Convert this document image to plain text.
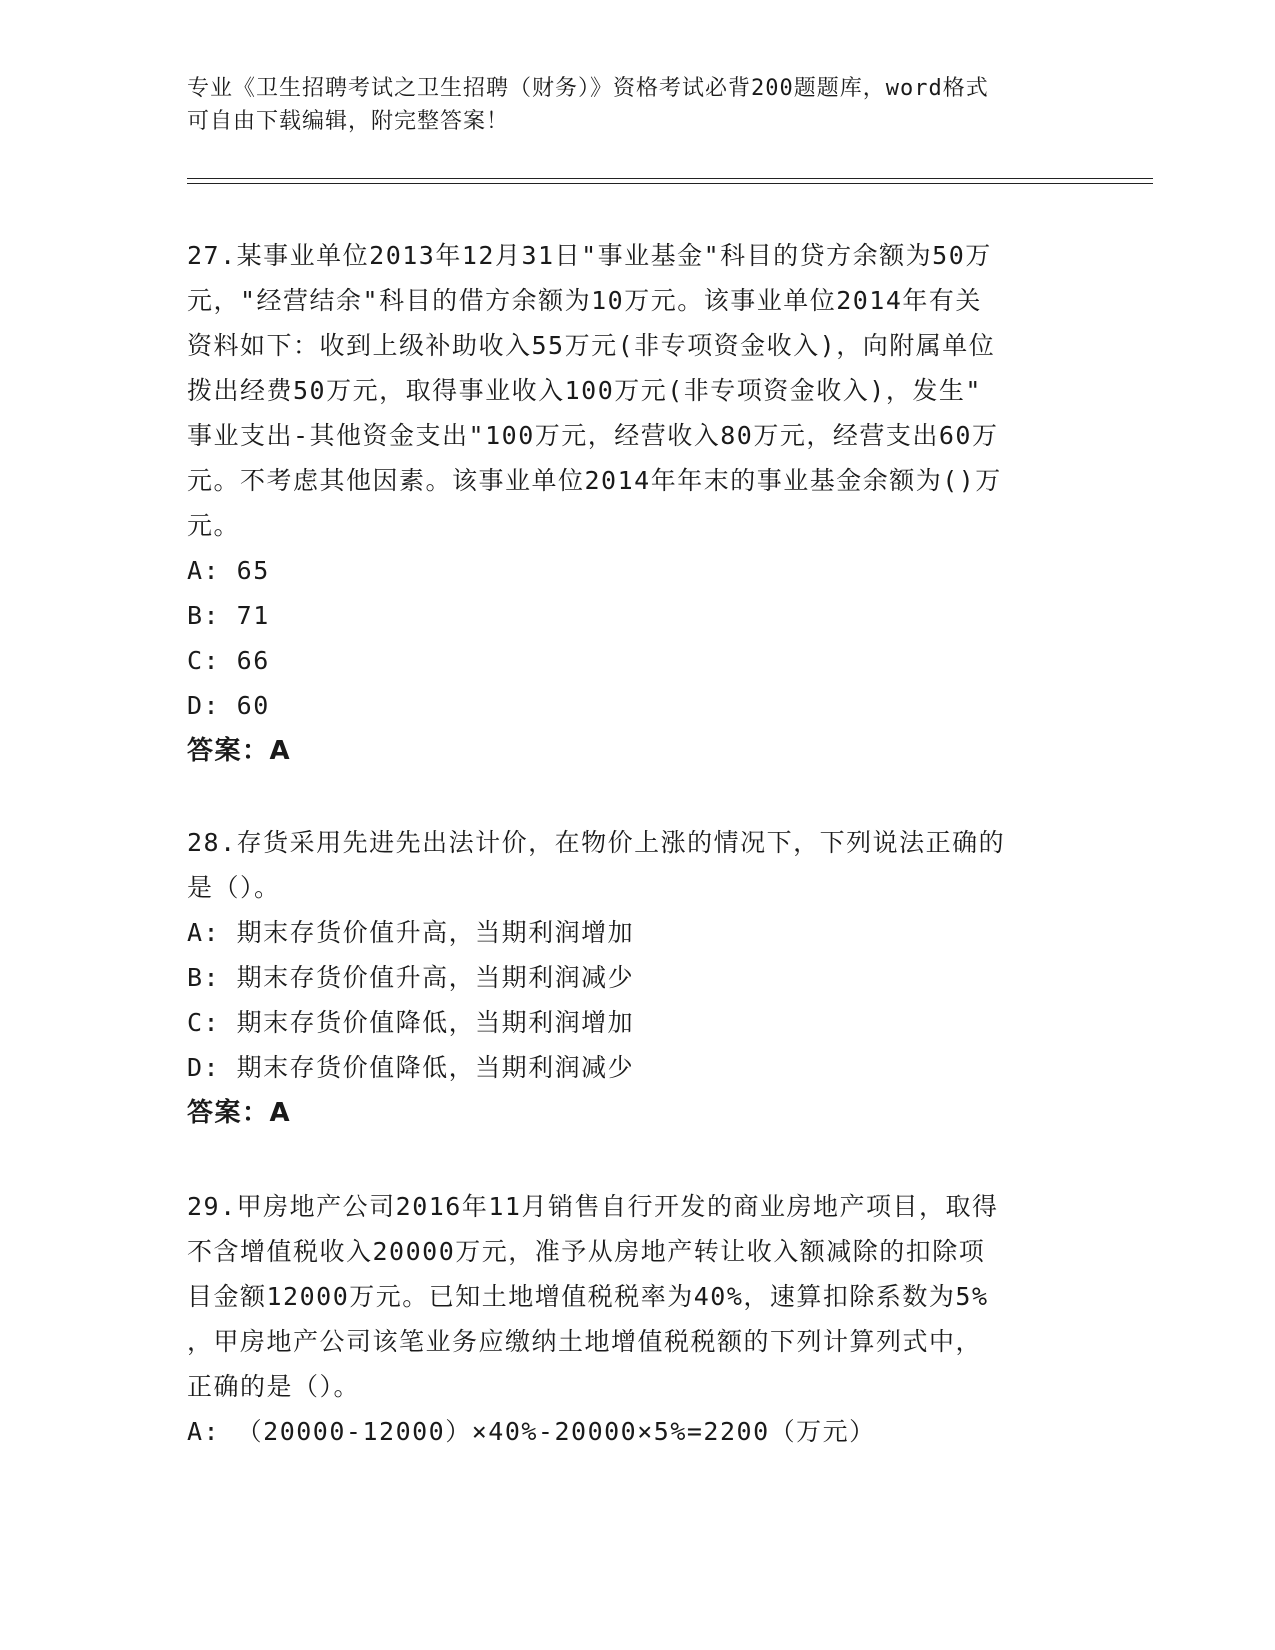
专业《卫生招聘考试之卫生招聘（财务）》资格考试必背200题题库，word格式
可自由下载编辑，附完整答案！
27.某事业单位2013年12月31日"事业基金"科目的贷方余额为50万
元，"经营结余"科目的借方余额为10万元。该事业单位2014年有关
资料如下：收到上级补助收入55万元(非专项资金收入)，向附属单位
拨出经费50万元，取得事业收入100万元(非专项资金收入)，发生"
事业支出-其他资金支出"100万元，经营收入80万元，经营支出60万
元。不考虑其他因素。该事业单位2014年年末的事业基金余额为()万
元。
A: 65
B: 71
C: 66
D: 60
答案：A
28.存货采用先进先出法计价，在物价上涨的情况下，下列说法正确的
是（）。
A: 期末存货价值升高，当期利润增加
B: 期末存货价值升高，当期利润减少
C: 期末存货价值降低，当期利润增加
D: 期末存货价值降低，当期利润减少
答案：A
29.甲房地产公司2016年11月销售自行开发的商业房地产项目，取得
不含增值税收入20000万元，准予从房地产转让收入额减除的扣除项
目金额12000万元。已知土地增值税税率为40%，速算扣除系数为5%
，甲房地产公司该笔业务应缴纳土地增值税税额的下列计算列式中，
正确的是（）。
A: （20000-12000）×40%-20000×5%=2200（万元）
